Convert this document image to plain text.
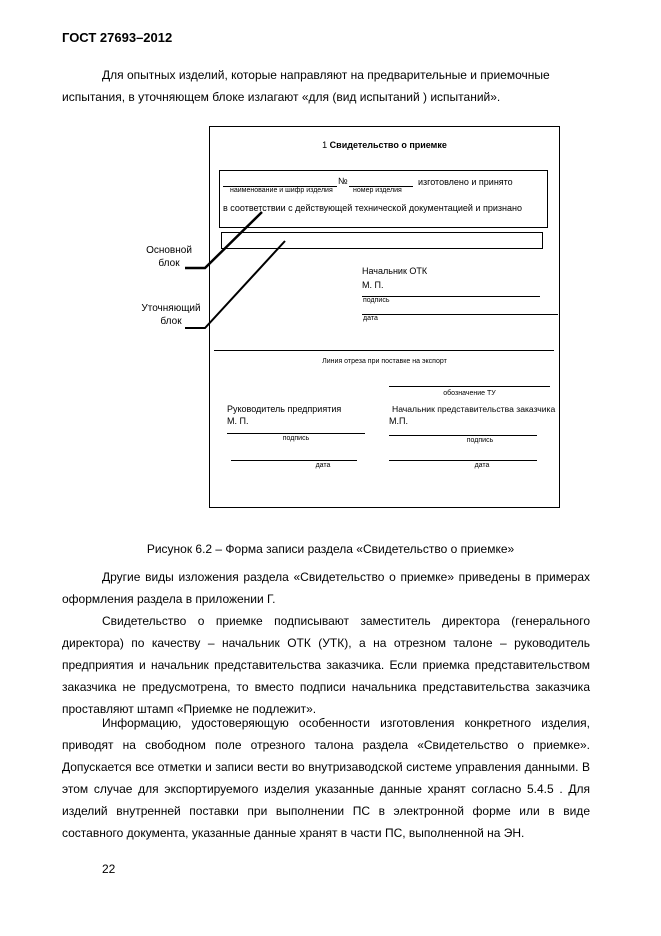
ГОСТ 27693–2012
Для опытных изделий, которые направляют на предварительные и приемочные
испытания, в уточняющем блоке излагают «для (вид испытаний ) испытаний».
1 Свидетельство о приемке
№	изготовлено и принято
наименование и шифр изделия	номер изделия
в соответствии с действующей технической документацией и признано
Начальник ОТК
М. П.
подпись
дата
Линия отреза при поставке на экспорт
обозначение ТУ
Руководитель предприятия
М. П.
подпись
дата
Начальник представительства заказчика
М.П.
подпись
дата
Основной блок
Уточняющий блок
Рисунок 6.2 – Форма записи раздела «Свидетельство о приемке»
Другие виды изложения раздела «Свидетельство о приемке» приведены в примерах оформления раздела в приложении Г.
Свидетельство о приемке подписывают заместитель директора (генерального директора) по качеству – начальник ОТК (УТК), а на отрезном талоне – руководитель предприятия и начальник представительства заказчика. Если приемка представительством заказчика не предусмотрена, то вместо подписи начальника представительства заказчика проставляют штамп «Приемке не подлежит».
Информацию, удостоверяющую особенности изготовления конкретного изделия, приводят на свободном поле отрезного талона раздела «Свидетельство о приемке». Допускается все отметки и записи вести во внутризаводской системе управления данными. В этом случае для экспортируемого изделия указанные данные хранят согласно 5.4.5 . Для изделий внутренней поставки при выполнении ПС в электронной форме или в виде составного документа, указанные данные хранят в части ПС, выполненной на ЭН.
22
